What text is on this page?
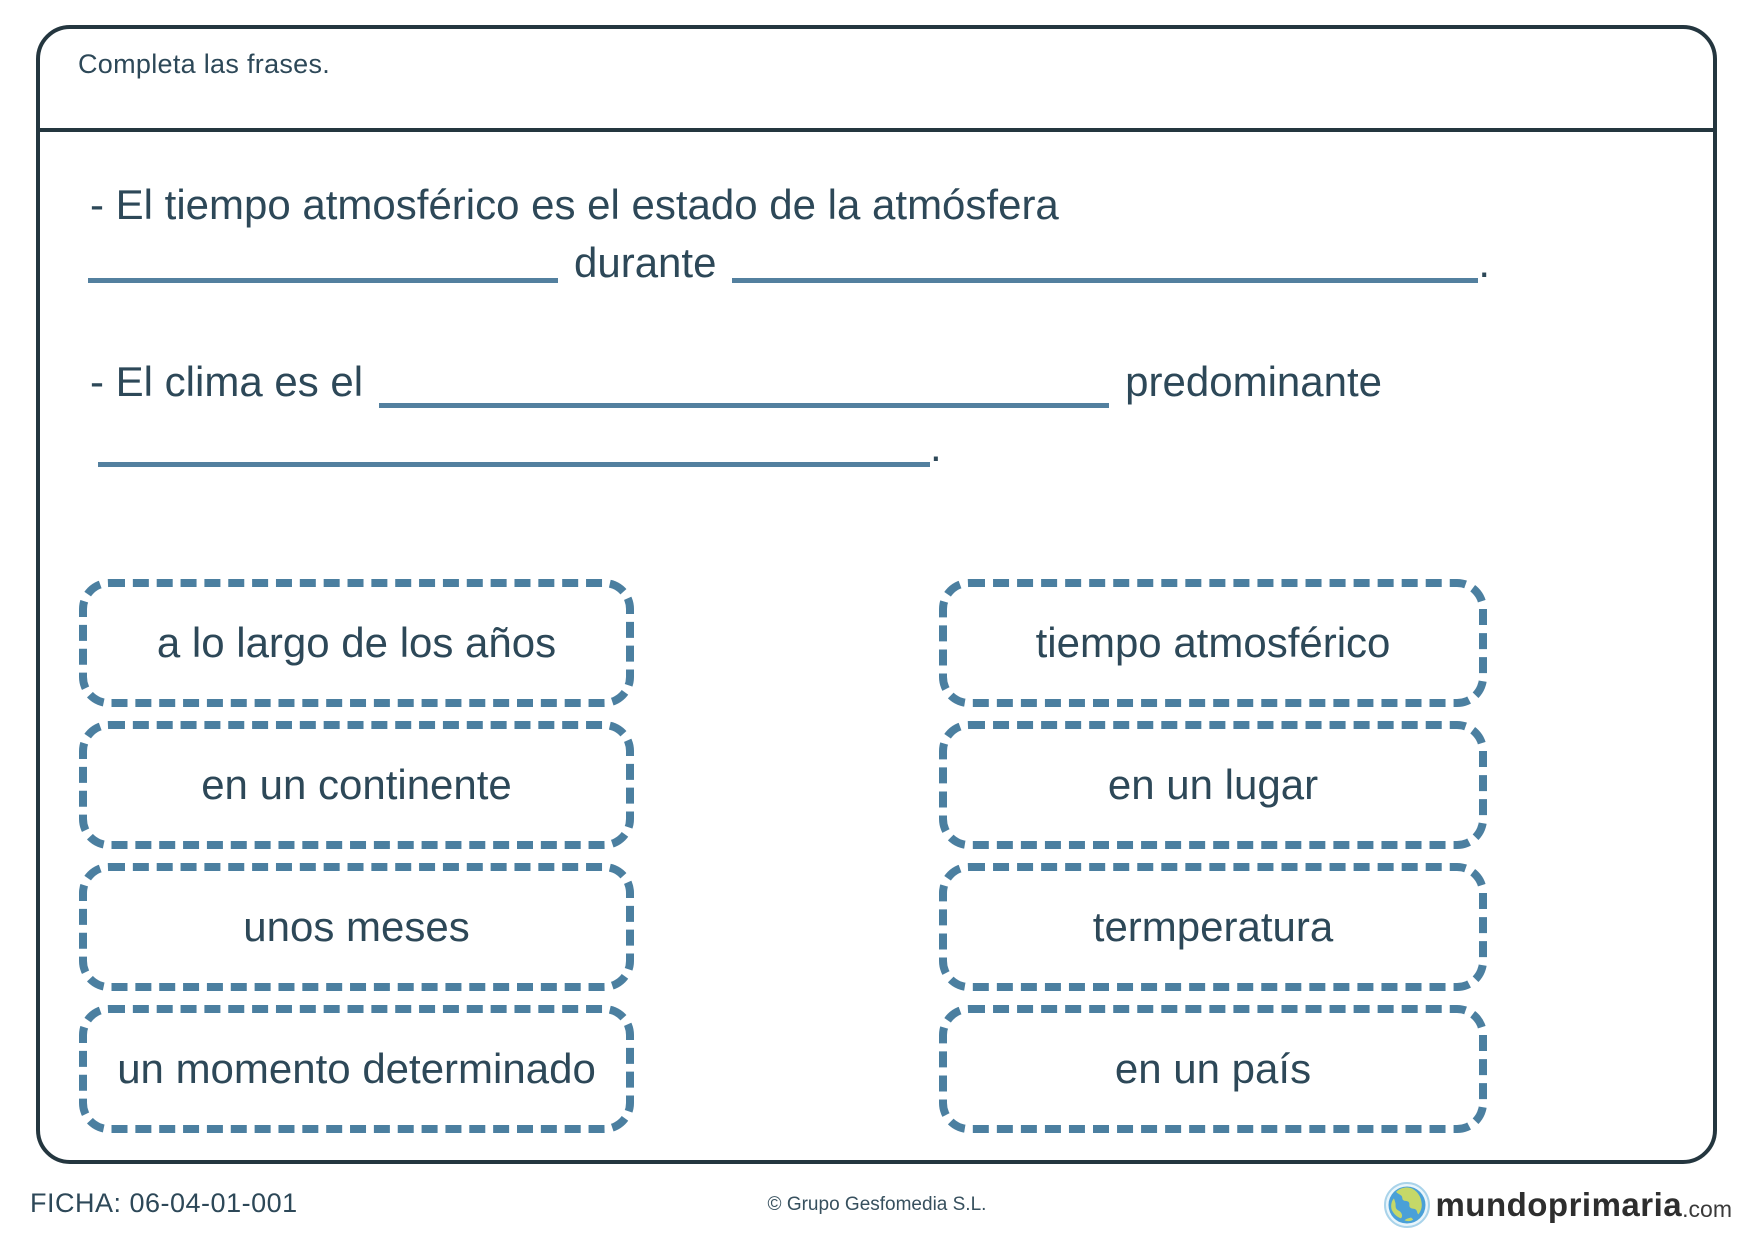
Completa las frases.
- El tiempo atmosférico es el estado de la atmósfera
durante	.
- El clima es el	predominante
.
a lo largo de los años
en un continente
unos meses
un momento determinado
tiempo atmosférico
en un lugar
termperatura
en un país
FICHA: 06-04-01-001	© Grupo Gesfomedia S.L.	mundoprimaria .com
